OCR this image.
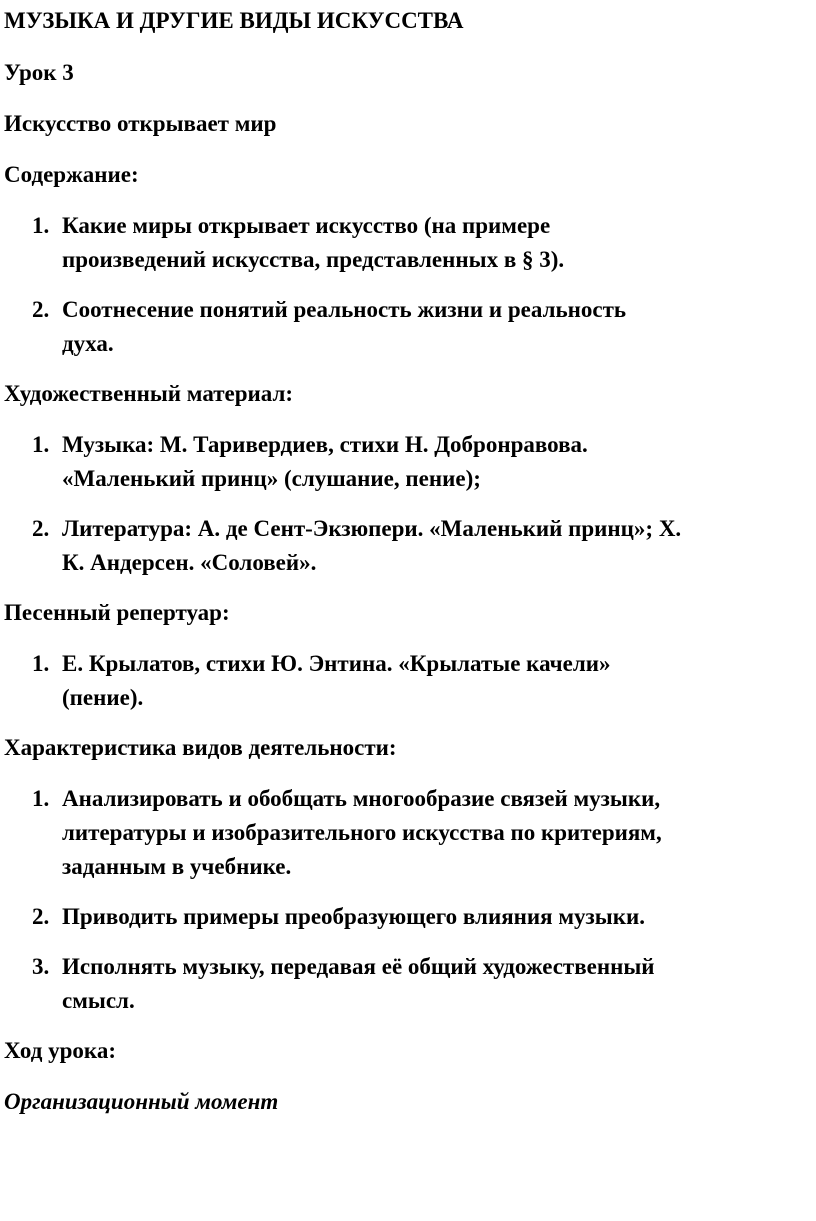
МУЗЫКА И ДРУГИЕ ВИДЫ ИСКУССТВА

Урок 3

Искусство открывает мир

Содержание:

1. Какие миры открывает искусство (на примере
произведений искусства, представленных в § 3).
2. Соотнесение понятий реальность жизни и реальность
духа.

Художественный материал:

1. Музыка: М. Таривердиев, стихи Н. Добронравова.
«Маленький принц» (слушание, пение);
2. Литература: А. де Сент-Экзюпери. «Маленький принц»; Х.
К. Андерсен. «Соловей».

Песенный репертуар:

1. Е. Крылатов, стихи Ю. Энтина. «Крылатые качели»
(пение).

Характеристика видов деятельности:

1. Анализировать и обобщать многообразие связей музыки,
литературы и изобразительного искусства по критериям,
заданным в учебнике.
2. Приводить примеры преобразующего влияния музыки.
3. Исполнять музыку, передавая её общий художественный
смысл.

Ход урока:

Организационный момент
